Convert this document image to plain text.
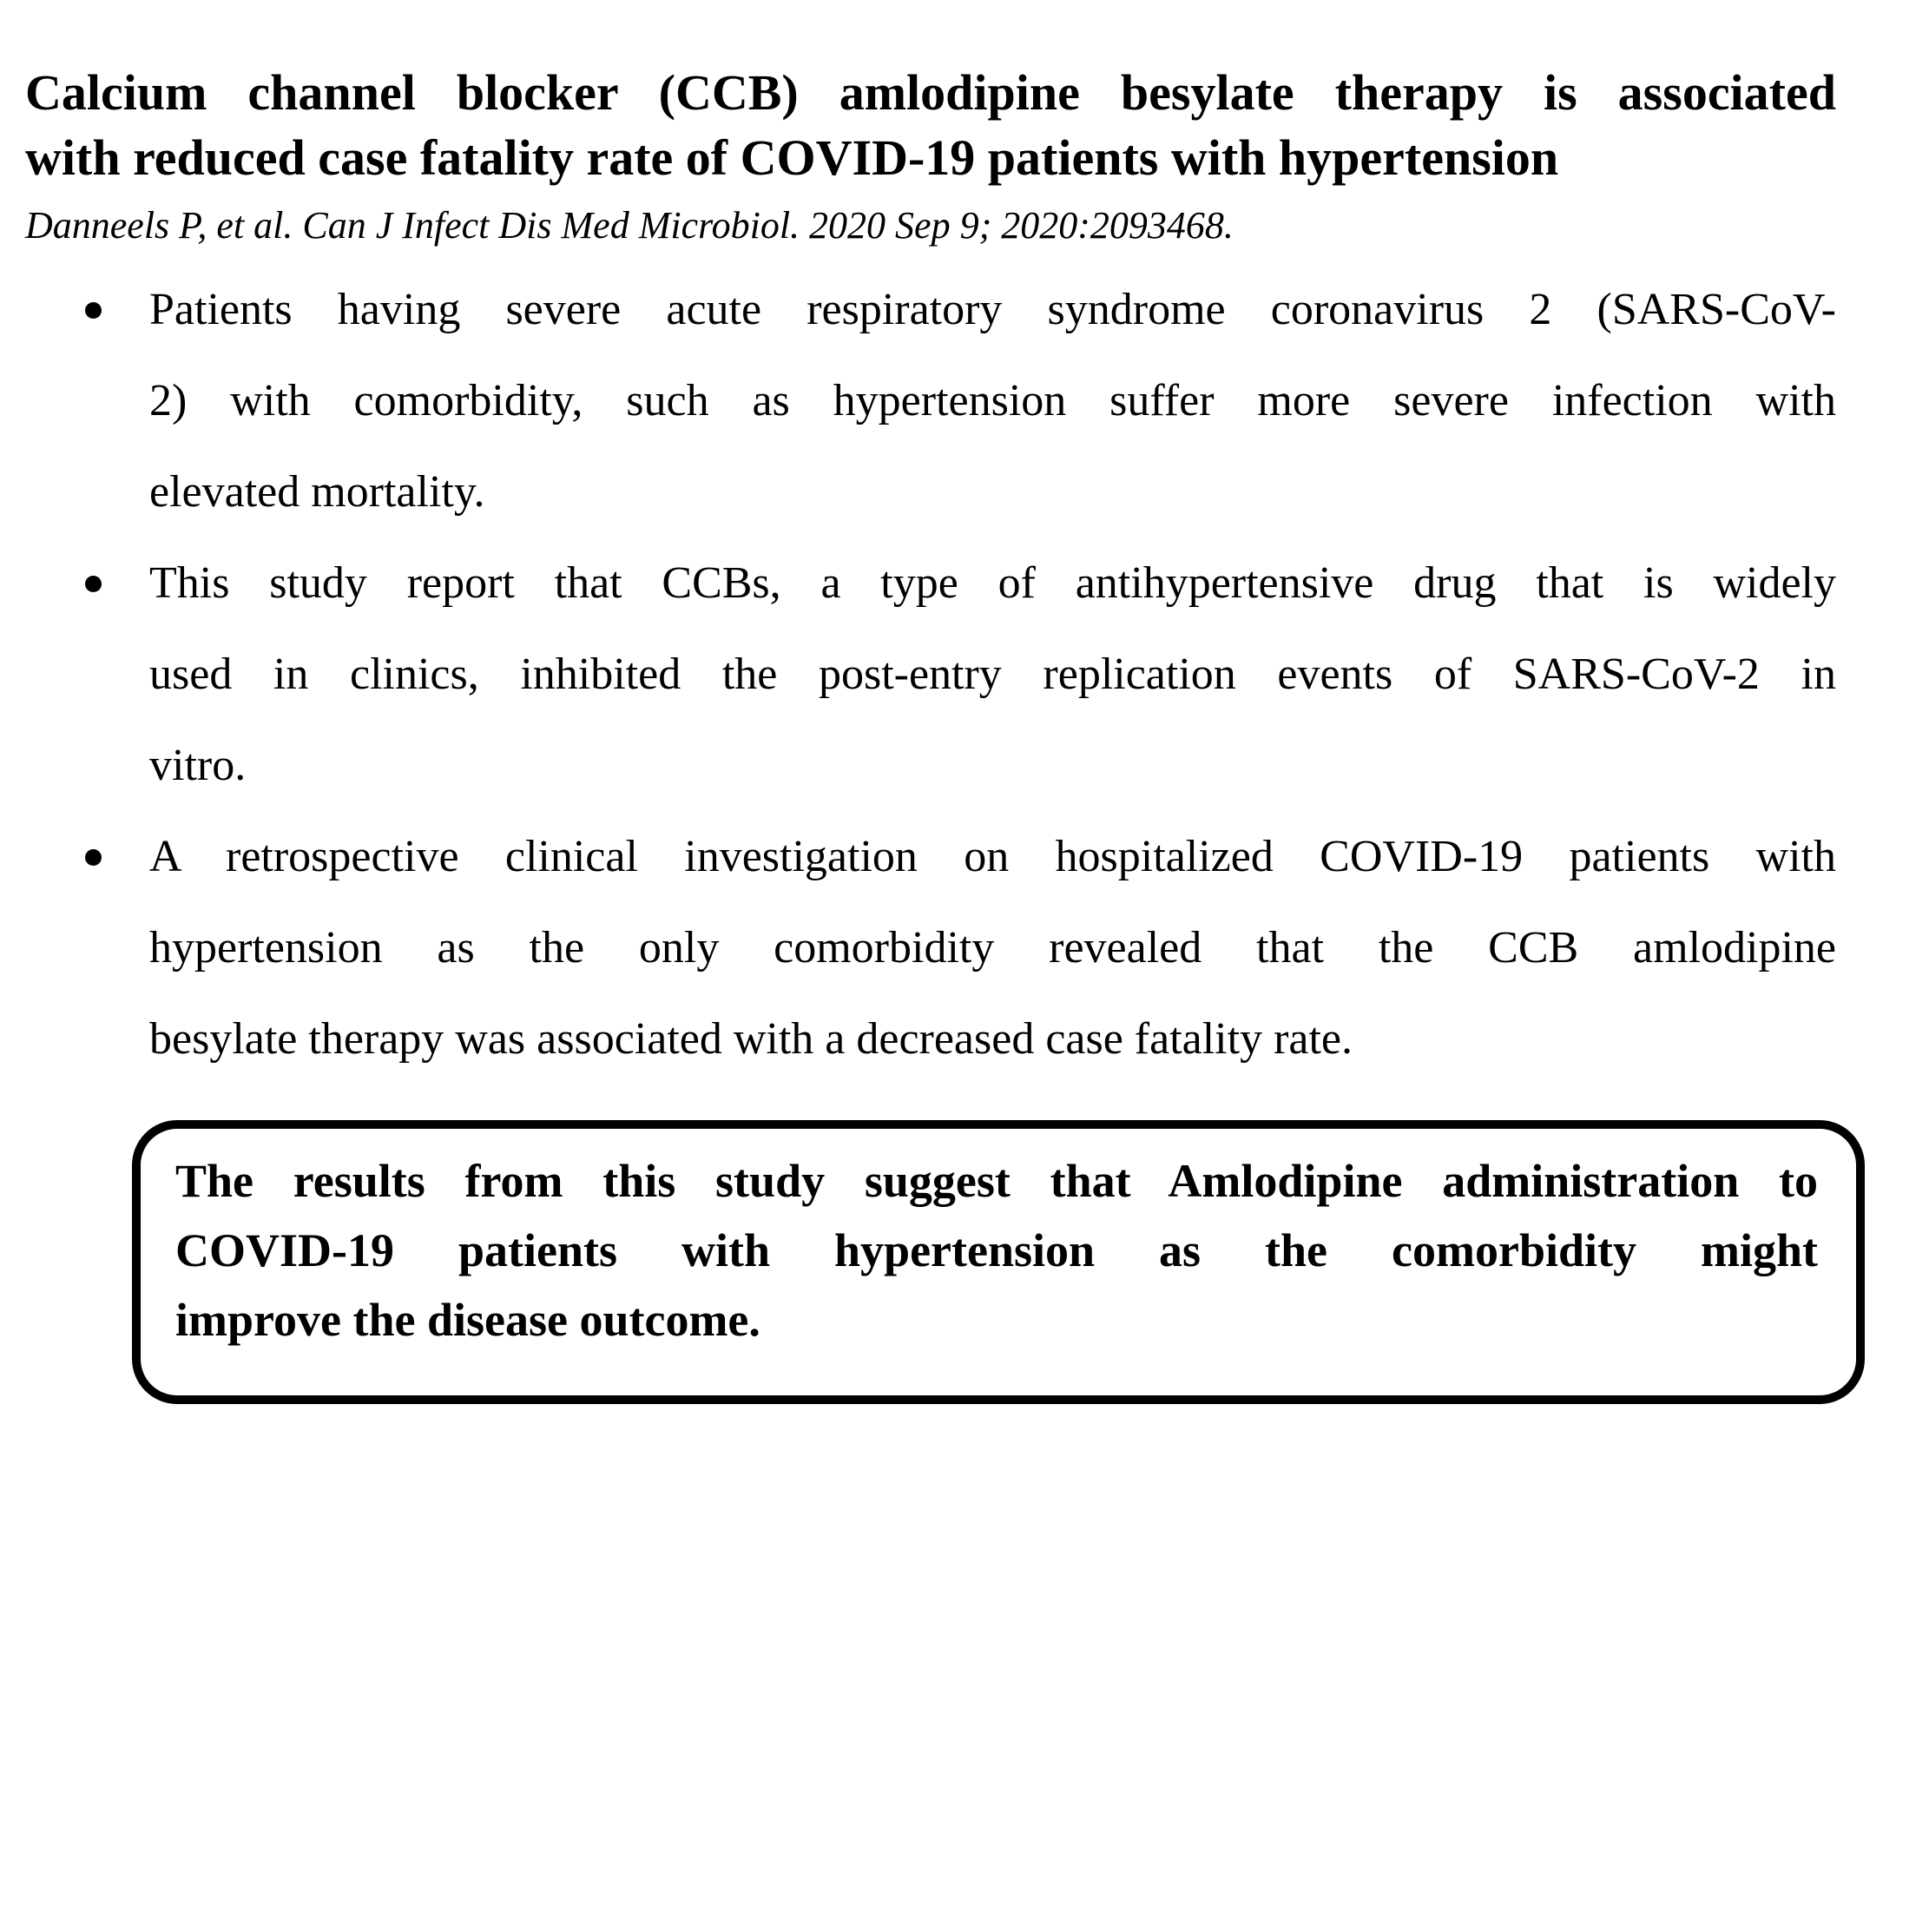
Calcium channel blocker (CCB) amlodipine besylate therapy is associated
with reduced case fatality rate of COVID-19 patients with hypertension
Danneels P, et al. Can J Infect Dis Med Microbiol. 2020 Sep 9; 2020:2093468.
Patients having severe acute respiratory syndrome coronavirus 2 (SARS-CoV-
2) with comorbidity, such as hypertension suffer more severe infection with
elevated mortality.
This study report that CCBs, a type of antihypertensive drug that is widely
used in clinics, inhibited the post-entry replication events of SARS-CoV-2 in
vitro.
A retrospective clinical investigation on hospitalized COVID-19 patients with
hypertension as the only comorbidity revealed that the CCB amlodipine
besylate therapy was associated with a decreased case fatality rate.
The results from this study suggest that Amlodipine administration to
COVID-19 patients with hypertension as the comorbidity might
improve the disease outcome.
